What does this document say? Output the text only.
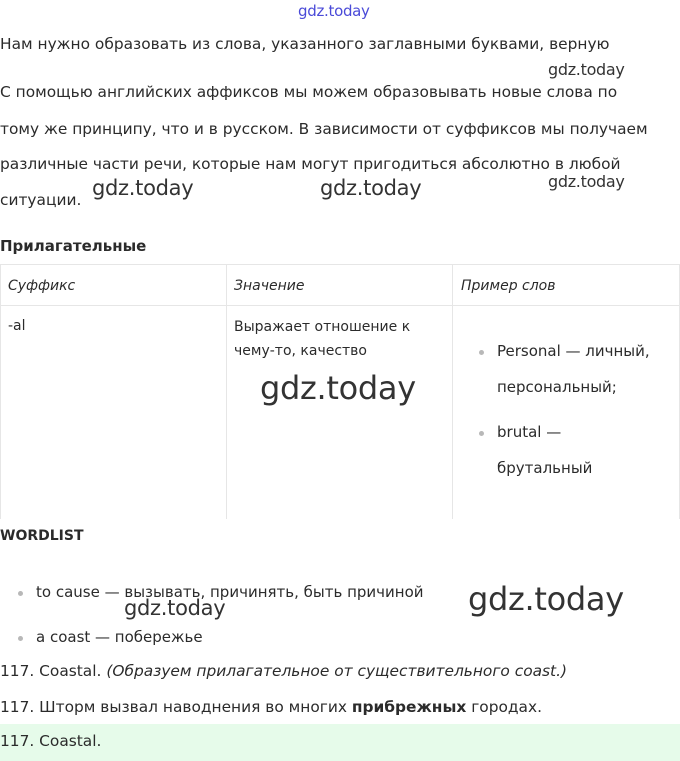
gdz.today
Нам нужно образовать из слова, указанного заглавными буквами, верную
С помощью английских аффиксов мы можем образовывать новые слова по
тому же принципу, что и в русском. В зависимости от суффиксов мы получаем
различные части речи, которые нам могут пригодиться абсолютно в любой
ситуации.
gdz.today
gdz.today	gdz.today	gdz.today
Прилагательные
Суффикс	Значение	Пример слов
-al	Выражает отношение к
чему-то, качество	Personal — личный,
персональный;
brutal —
брутальный
gdz.today
WORDLIST
to cause — вызывать, причинять, быть причиной
a coast — побережье
gdz.today	gdz.today
117. Coastal. (Образуем прилагательное от существительного coast.)
117. Шторм вызвал наводнения во многих прибрежных городах.
117. Coastal.
